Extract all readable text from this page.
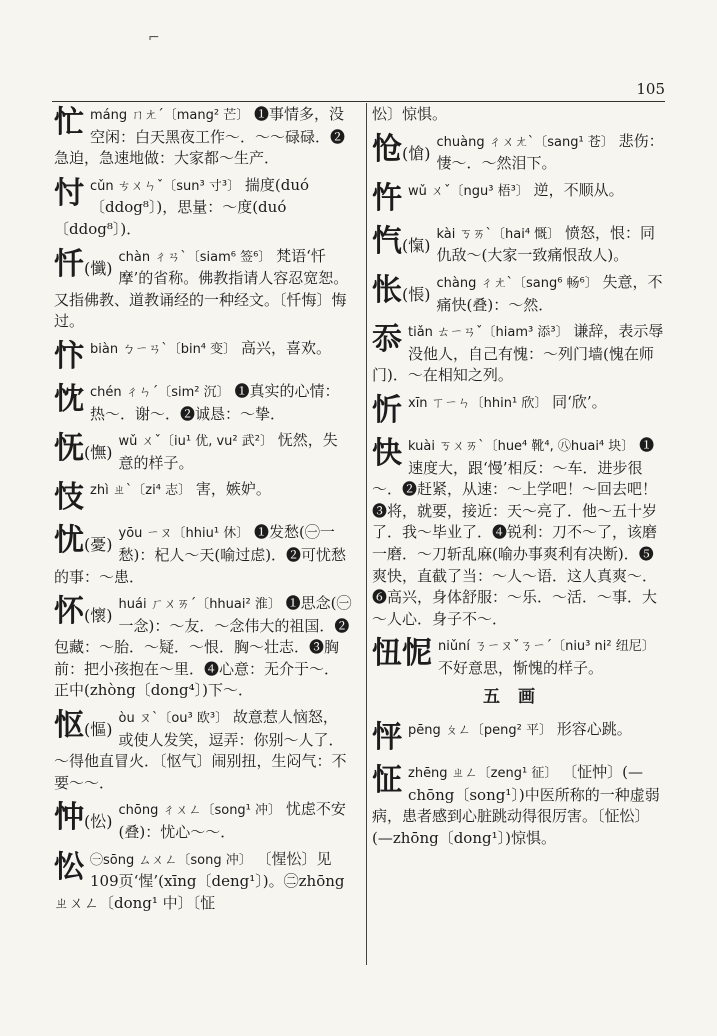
⌐
105
忙máng ㄇㄤˊ〔mang² 芒〕 ❶事情多，没空闲：白天黑夜工作～．～～碌碌．❷急迫，急速地做：大家都～生产．
忖cǔn ㄘㄨㄣˇ〔sun³ 寸³〕 揣度(duó〔ddog⁸〕)，思量：～度(duó〔ddog⁸〕)．
忏(懺)
chàn ㄔㄢˋ〔siam⁶ 签⁶〕 梵语‘忏摩’的省称。佛教指请人容忍宽恕。又指佛教、道教诵经的一种经文。〔忏悔〕悔过。
忭biàn ㄅㄧㄢˋ〔bin⁴ 变〕 高兴，喜欢。
忱chén ㄔㄣˊ〔sim² 沉〕 ❶真实的心情：热～．谢～．❷诚恳：～挚．
怃(憮)
wǔ ㄨˇ〔iu¹ 优, vu² 武²〕 怃然，失意的样子。
忮zhì ㄓˋ〔zi⁴ 志〕 害，嫉妒。
忧(憂)
yōu ㄧㄡ〔hhiu¹ 休〕 ❶发愁(㊀一愁)：杞人～天(喻过虑)．❷可忧愁的事：～患．
怀(懷)
huái ㄏㄨㄞˊ〔hhuai² 淮〕 ❶思念(㊀一念)：～友．～念伟大的祖国．❷包藏：～胎．～疑．～恨．胸～壮志．❸胸前：把小孩抱在～里．❹心意：无介于～．正中(zhòng〔dong⁴〕)下～．
怄(慪)
òu ㄡˋ〔ou³ 欧³〕 故意惹人恼怒，或使人发笑，逗弄：你别～人了．～得他直冒火．〔怄气〕闹别扭，生闷气：不要～～．
忡(忪)
chōng ㄔㄨㄥ〔song¹ 冲〕 忧虑不安(叠)：忧心～～．
忪 ㊀sōng ㄙㄨㄥ〔song 冲〕 〔惺忪〕见109页‘惺’(xīng〔deng¹〕)。㊁zhōng ㄓㄨㄥ〔dong¹ 中〕〔怔
忪〕惊惧。
怆(愴)
chuàng ㄔㄨㄤˋ〔sang¹ 苍〕 悲伤：悽～．～然泪下。
忤wǔ ㄨˇ〔ngu³ 梧³〕 逆，不顺从。
忾(愾)
kài ㄎㄞˋ〔hai⁴ 慨〕 愤怒，恨：同仇敌～(大家一致痛恨敌人)。
怅(悵)
chàng ㄔㄤˋ〔sang⁶ 畅⁶〕 失意，不痛快(叠)：～然．
忝tiǎn ㄊㄧㄢˇ〔hiam³ 添³〕 谦辞，表示辱没他人，自己有愧：～列门墙(愧在师门)．～在相知之列。
忻xīn ㄒㄧㄣ〔hhin¹ 欣〕 同‘欣’。
快kuài ㄎㄨㄞˋ〔hue⁴ 靴⁴, ㊇huai⁴ 块〕 ❶速度大，跟‘慢’相反：～车．进步很～．❷赶紧，从速：～上学吧！～回去吧！❸将，就要，接近：天～亮了．他～五十岁了．我～毕业了．❹锐利：刀不～了，该磨一磨．～刀斩乱麻(喻办事爽利有决断)．❺爽快，直截了当：～人～语．这人真爽～．❻高兴，身体舒服：～乐．～活．～事．大～人心．身子不～．
忸怩 niǔní ㄋㄧㄡˇㄋㄧˊ〔niu³ ni² 纽尼〕 不好意思，惭愧的样子。
五画
怦pēng ㄆㄥ〔peng² 平〕 形容心跳。
怔zhēng ㄓㄥ〔zeng¹ 征〕 〔怔忡〕(—chōng〔song¹〕)中医所称的一种虚弱病，患者感到心脏跳动得很厉害。〔怔忪〕(—zhōng〔dong¹〕)惊惧。
